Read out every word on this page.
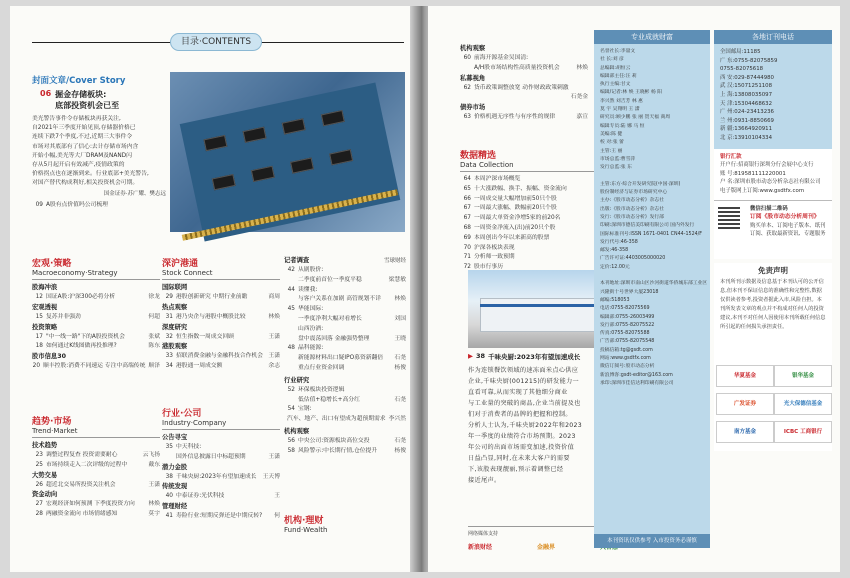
目录·CONTENTS
封面文章/Cover Story
06 掘金存储板块:
底部投资机会已至
美光警告事件令存储板块再获关注,
自2021年三季度开始见顶,存储器价格已
连续下跌7个季度,不过,近期三大事件令
市场对其底部有了信心:去计存储市场内含
开始小幅,美光等大厂DRAM及NAND闪
存从5月起开启有效减产,疫情政策的
价格拐点也在逐渐到来。行业底部+美光警告,
对国产替代构成利好,相关投资机会可期。
国金证券·苏广耀、樊志远
09 A股有点价值吗公司梳理
宏观·策略
Macroeconomy·Strategy
股海冲浪
12 国证A股:沪深300必将分析	徐龙
宏观透视
15 复苏并非强劲	何超
投资策略
17 "中一线一路"下的A股投资机会	张斌
18 如何通过K线图做再投推理?	陈东
股市信息30
20 顺丰控股:消费不同速运 专注中高端传统 顺泽
趋势·市场
Trend·Market
技术趋势
23 调整过程复查 投资需要耐心	云飞扬
25 市场持续走入二次评级的过程中	戴东
大势交易
26 超近北交易所投资关注机会	王潇
资金动向
27 宏观经济如何预测 下季度投资方向	林焕
28 两融资金流向 市场情绪感知	莫宇
深沪港通
Stock Connect
国际联网
29 港股创新研究 中期行业前瞻	商周
热点观察
31 港乃央企与港股中概股比较	林焕
深度研究
32 恒生指数一周成交回顾	王潇
港股观察
33 招联消费金融与金融科技合作机会 王潇
34 港股通一周成交额	余志
行业·公司
Industry·Company
公告寻宝
35 中天科技:
国外信息披露日中标超预期	王潇
潜力金股
38 千味央厨:2023年有望加速成长	王天博
传统发现
40 中泰证券:光伏科技	王
管理财经
41 寿险行业:短期反弹还是中期反转?	何
记者调查	雪球财经
42 从剧股价:
二季度前首位一季度平稳	梁慧敏
44 读懂我:
与客户关系在加剧 高管规划不详	林焕
45 华能国际:
一季度净利大幅对看增长	刘国
山西汾酒:
盘中震荡回落 金融强势整理	王晓
48 晶科能源:
新能源材料出口疑IPO募资新翻倍	石尧
重点行业资金回调	杨俊
行业研究
52 环保板块投资逻辑
低估值+稳增长+高分红	石尧
54 宝钢:
汽车、地产、出口有望成为超预期需求 李兴然
机构观察
56 中央公司:资源板块高位交投	石尧
58 风险警示:中长期行情,仓位提升	杨俊
机构·理财
Fund·Wealth
机构观察
60 前海开源基金吴国清:
A/H股市场结构性高质量投资机会	林焕
私募视角
62 货币政策调整放宽 动作财政政策刺激
石尧金
债券市场
63 价格机遇无序性与有序性的规律	嘉宣
数据精选
Data Collection
64 本周沪深市场概览
65 十大涨跌幅、换手、振幅、资金流向
66 一周成交量大幅增加前50只个股
67 一周最大涨幅、跌幅前20只个股
67 一周最大单资金净增5家的前20名
68 一周资金净流入(出)前20只个股
69 本周创出今年以来新高的股票
70 沪深各板块表现
71 分析师一致预期
72 股市行事历
▶ 38 千味央厨:2023年有望加速成长
作为连锁餐饮领域的速冻面米点心供应
企业,千味央厨(001215)的研发能力一
直看可靠,从而实现了其他细分商业
与工业量的突破的商品,企业当前提及也
们对于消费者的品牌的把握和控制。
分析人士认为,千味央厨2022年和2023
年一季度的业绩符合市场预期。2023
年公司的出面市场需变加速,投资价值
日益凸显,同时,在未来大客户的需要
下,该股表现靓丽,预示着调整已经
接近尾声。
网络媒体支持
新浪财经	金融界
专业成就财富
名誉社长:李量文
社 长:刘 彦
总编辑:胡恒云
编辑部主任:汪 莉
执行主编:甘文
编辑/记者:林 焕 王晓彬 杨 阳
李兴然 刘吉芳 林 惠
莫 宇 吴翔明 王 潇
研究员:顾少鹏 张 丽 贺天福 商周
编辑专员:陆 娜 马 恒
美编:陈 健
校 对:张 蕾
主管:王 丽
市场总监:曹雪萍
发行总监:张 东

主管:东方·综合开发研究院(中国·深圳)
股份制经济与证券市场研究中心
主办:《股市动态分析》杂志社
出版:《股市动态分析》杂志社
发行:《股市动态分析》发行部
印刷:深圳市德信美印刷有限公司 国内外发行
国际标准刊号:ISSN 1671-0401 CN44-1524/F
发行代号:46-358
邮发:46-358
广告许可证:4403005000020
定价:12.00元

本刊地址:深圳市南山区沙河街道华侨城东部工业区
兴隆街十号世界大厦23018
邮编:518053
电话:0755-82075569
编辑部:0755-26003499
发行部:0755-82075522
传真:0755-82075588
广告部:0755-82075548
投稿信箱:tg@gsdt.com
网站:www.gsdtfx.com
微信订阅号:股市动态分析
新浪博客:gsdt-editor@163.com
承印:深圳市佳信达利印刷有限公司
本刊资讯仅供参考 入市投资务必谨慎
各地订刊电话
全国邮局:11185
广 东:0755-82075859
0755-82075618
西 安:029-87444980
武 汉:15071251108
上 海:13808035097
天 津:15304468632
广 州:024-23413236
兰 州:0931-8850669
新 疆:13664920911
北 京:13910104334
银行汇款
开户行:招商银行深圳分行会展中心支行
账 号:819581111220001
户 名:深圳市股市动态分析杂志社有限公司
电子版网上订阅:www.gsdtfx.com
微信扫描二维码
订阅《股市动态分析周刊》
购买单本、订阅电子版本、纸刊订阅、获取最新资讯、专题服务
免责声明
本刊所刊示数据及信息基于本刊认可的公开信息,但本刊不保证信息的准确性和完整性,数据仅供读者参考,投资者据此入市,风险自担。本刊所发表文章的观点并不构成对任何人的投资建议,本刊不对任何人因使用本刊所载任何信息所引起的任何损失承担责任。
华夏基金	银华基金
广发证券	光大保德信基金
南方基金	ICBC 工商银行
